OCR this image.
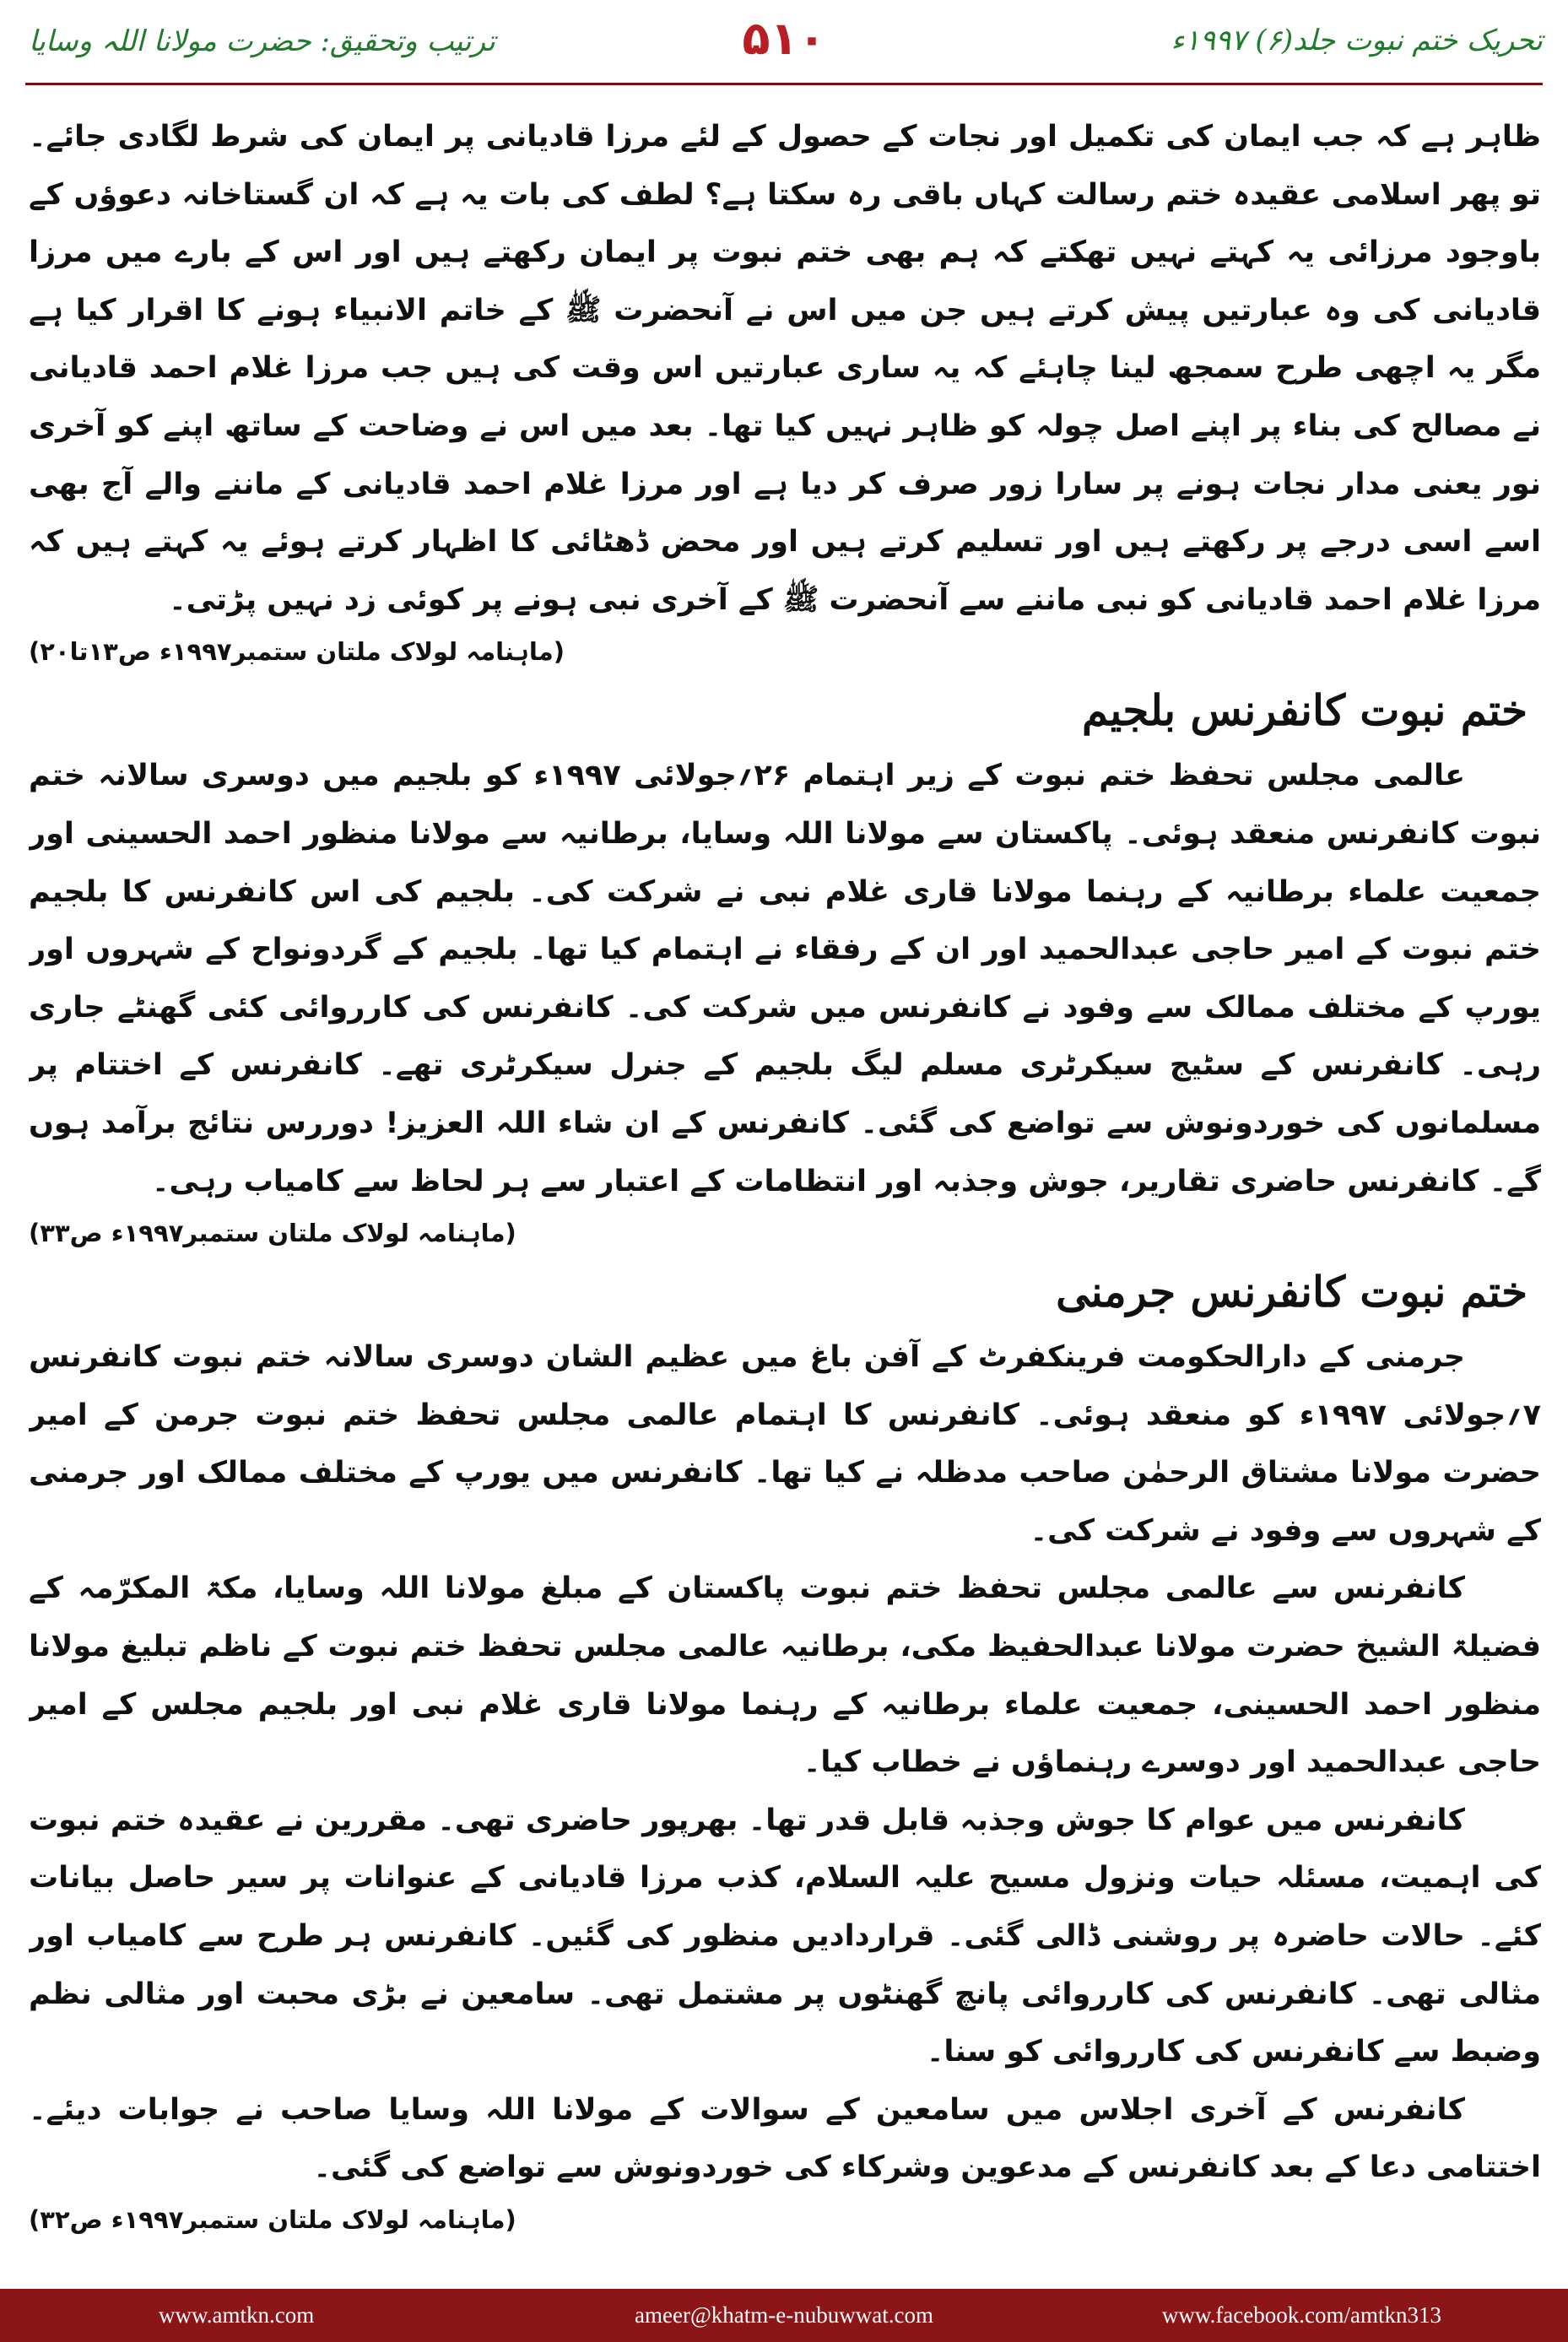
ترتیب وتحقیق: حضرت مولانا اللہ وسایا	۵۱۰	تحریک ختم نبوت جلد(۶) ۱۹۹۷ء

ظاہر ہے کہ جب ایمان کی تکمیل اور نجات کے حصول کے لئے مرزا قادیانی پر ایمان کی شرط لگادی جائے۔ تو پھر اسلامی عقیدہ ختم رسالت کہاں باقی رہ سکتا ہے؟ لطف کی بات یہ ہے کہ ان گستاخانہ دعوؤں کے باوجود مرزائی یہ کہتے نہیں تھکتے کہ ہم بھی ختم نبوت پر ایمان رکھتے ہیں اور اس کے بارے میں مرزا قادیانی کی وہ عبارتیں پیش کرتے ہیں جن میں اس نے آنحضرت ﷺ کے خاتم الانبیاء ہونے کا اقرار کیا ہے مگر یہ اچھی طرح سمجھ لینا چاہئے کہ یہ ساری عبارتیں اس وقت کی ہیں جب مرزا غلام احمد قادیانی نے مصالح کی بناء پر اپنے اصل چولہ کو ظاہر نہیں کیا تھا۔ بعد میں اس نے وضاحت کے ساتھ اپنے کو آخری نور یعنی مدار نجات ہونے پر سارا زور صرف کر دیا ہے اور مرزا غلام احمد قادیانی کے ماننے والے آج بھی اسے اسی درجے پر رکھتے ہیں اور تسلیم کرتے ہیں اور محض ڈھٹائی کا اظہار کرتے ہوئے یہ کہتے ہیں کہ مرزا غلام احمد قادیانی کو نبی ماننے سے آنحضرت ﷺ کے آخری نبی ہونے پر کوئی زد نہیں پڑتی۔

(ماہنامہ لولاک ملتان ستمبر۱۹۹۷ء ص۱۳تا۲۰)
ختم نبوت کانفرنس بلجیم

عالمی مجلس تحفظ ختم نبوت کے زیر اہتمام ۲۶؍جولائی ۱۹۹۷ء کو بلجیم میں دوسری سالانہ ختم نبوت کانفرنس منعقد ہوئی۔ پاکستان سے مولانا اللہ وسایا، برطانیہ سے مولانا منظور احمد الحسینی اور جمعیت علماء برطانیہ کے رہنما مولانا قاری غلام نبی نے شرکت کی۔ بلجیم کی اس کانفرنس کا بلجیم ختم نبوت کے امیر حاجی عبدالحمید اور ان کے رفقاء نے اہتمام کیا تھا۔ بلجیم کے گردونواح کے شہروں اور یورپ کے مختلف ممالک سے وفود نے کانفرنس میں شرکت کی۔ کانفرنس کی کارروائی کئی گھنٹے جاری رہی۔ کانفرنس کے سٹیج سیکرٹری مسلم لیگ بلجیم کے جنرل سیکرٹری تھے۔ کانفرنس کے اختتام پر مسلمانوں کی خوردونوش سے تواضع کی گئی۔ کانفرنس کے ان شاء اللہ العزیز! دوررس نتائج برآمد ہوں گے۔ کانفرنس حاضری تقاریر، جوش وجذبہ اور انتظامات کے اعتبار سے ہر لحاظ سے کامیاب رہی۔

(ماہنامہ لولاک ملتان ستمبر۱۹۹۷ء ص۳۳)
ختم نبوت کانفرنس جرمنی

جرمنی کے دارالحکومت فرینکفرٹ کے آفن باغ میں عظیم الشان دوسری سالانہ ختم نبوت کانفرنس ۷؍جولائی ۱۹۹۷ء کو منعقد ہوئی۔ کانفرنس کا اہتمام عالمی مجلس تحفظ ختم نبوت جرمن کے امیر حضرت مولانا مشتاق الرحمٰن صاحب مدظلہ نے کیا تھا۔ کانفرنس میں یورپ کے مختلف ممالک اور جرمنی کے شہروں سے وفود نے شرکت کی۔

کانفرنس سے عالمی مجلس تحفظ ختم نبوت پاکستان کے مبلغ مولانا اللہ وسایا، مکۃ المکرّمہ کے فضیلۃ الشیخ حضرت مولانا عبدالحفیظ مکی، برطانیہ عالمی مجلس تحفظ ختم نبوت کے ناظم تبلیغ مولانا منظور احمد الحسینی، جمعیت علماء برطانیہ کے رہنما مولانا قاری غلام نبی اور بلجیم مجلس کے امیر حاجی عبدالحمید اور دوسرے رہنماؤں نے خطاب کیا۔

کانفرنس میں عوام کا جوش وجذبہ قابل قدر تھا۔ بھرپور حاضری تھی۔ مقررین نے عقیدہ ختم نبوت کی اہمیت، مسئلہ حیات ونزول مسیح علیہ السلام، کذب مرزا قادیانی کے عنوانات پر سیر حاصل بیانات کئے۔ حالات حاضرہ پر روشنی ڈالی گئی۔ قراردادیں منظور کی گئیں۔ کانفرنس ہر طرح سے کامیاب اور مثالی تھی۔ کانفرنس کی کارروائی پانچ گھنٹوں پر مشتمل تھی۔ سامعین نے بڑی محبت اور مثالی نظم وضبط سے کانفرنس کی کارروائی کو سنا۔

کانفرنس کے آخری اجلاس میں سامعین کے سوالات کے مولانا اللہ وسایا صاحب نے جوابات دیئے۔ اختتامی دعا کے بعد کانفرنس کے مدعوین وشرکاء کی خوردونوش سے تواضع کی گئی۔

(ماہنامہ لولاک ملتان ستمبر۱۹۹۷ء ص۳۲)
www.amtkn.com	ameer@khatm-e-nubuwwat.com	www.facebook.com/amtkn313
